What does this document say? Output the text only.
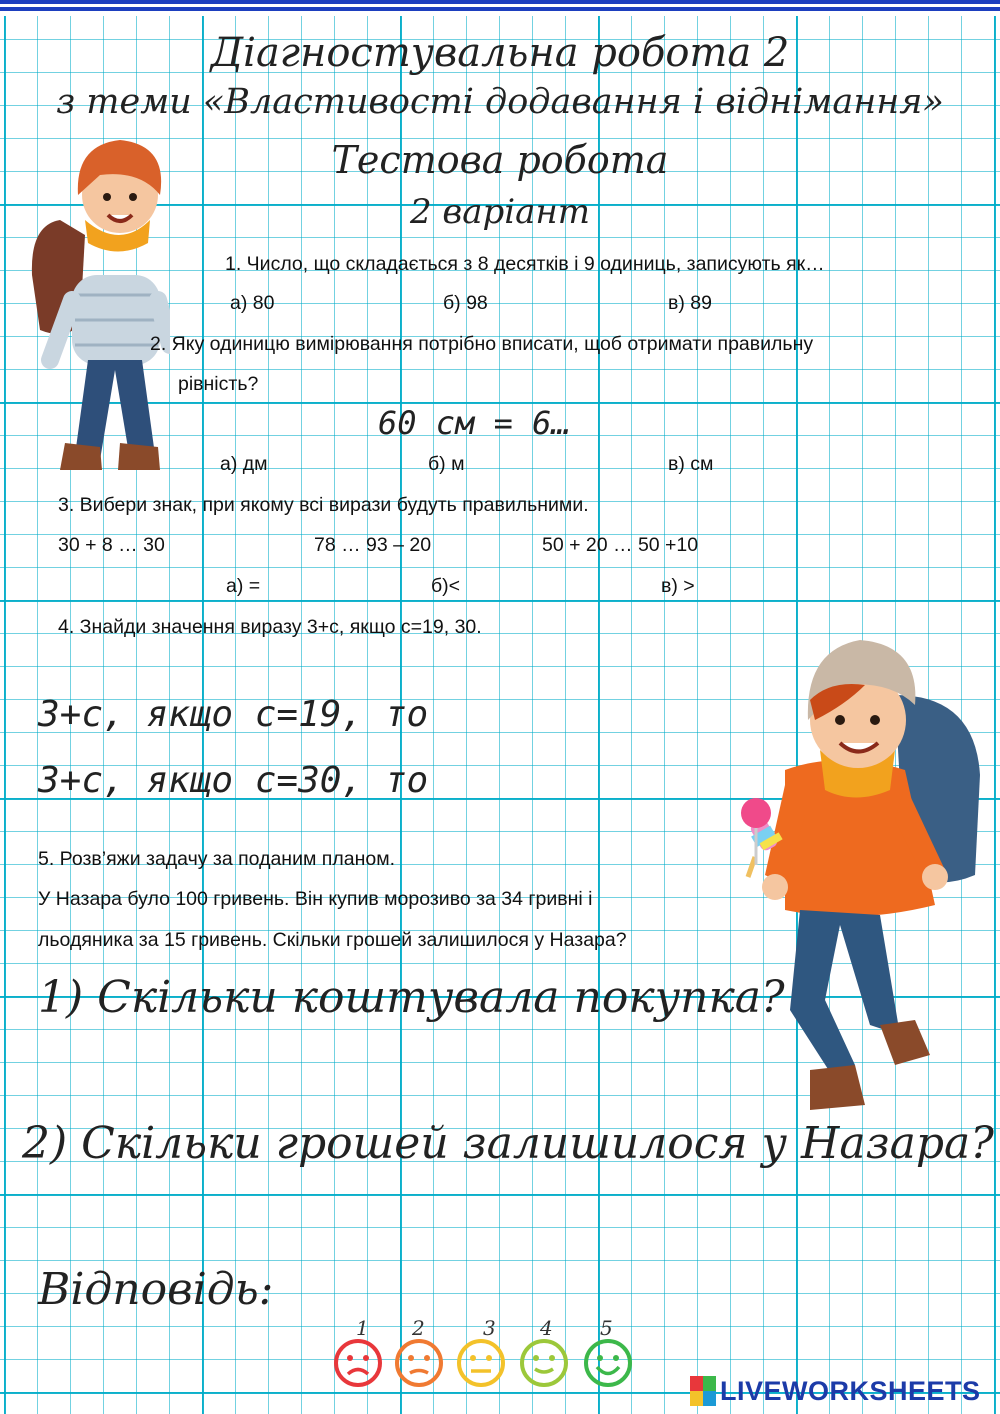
Діагностувальна робота 2
з теми «Властивості додавання і віднімання»
Тестова робота
2 варіант
1. Число, що складається з 8 десятків і 9 одиниць, записують як…
а) 80	б) 98	в) 89
2. Яку одиницю вимірювання потрібно вписати, щоб отримати правильну
рівність?
60 см = 6…
а) дм	б) м	в) см
3. Вибери знак, при якому всі вирази будуть правильними.
30 + 8 … 30	78 … 93 – 20	50 + 20 … 50 +10
а) =	б)<	в) >
4. Знайди значення виразу 3+с, якщо с=19, 30.
3+с, якщо с=19, то
3+с, якщо с=30, то
5. Розв’яжи задачу за поданим планом.
У Назара було 100 гривень. Він купив морозиво за 34 гривні і
льодяника за 15 гривень. Скільки грошей залишилося у Назара?
1) Скільки коштувала покупка?
2) Скільки грошей залишилося у Назара?
Відповідь:
1 2	3 4 5
LIVEWORKSHEETS
